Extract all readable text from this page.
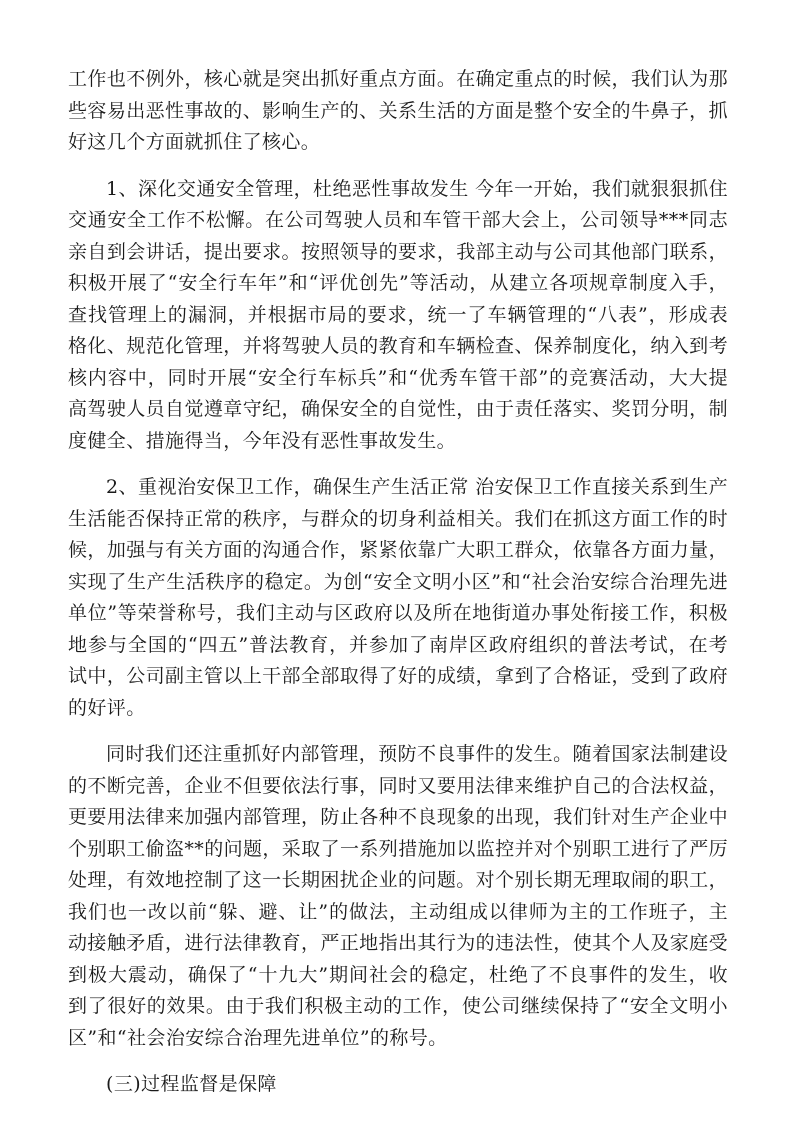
工作也不例外，核心就是突出抓好重点方面。在确定重点的时候，我们认为那些容易出恶性事故的、影响生产的、关系生活的方面是整个安全的牛鼻子，抓好这几个方面就抓住了核心。

1、深化交通安全管理，杜绝恶性事故发生 今年一开始，我们就狠狠抓住交通安全工作不松懈。在公司驾驶人员和车管干部大会上，公司领导***同志亲自到会讲话，提出要求。按照领导的要求，我部主动与公司其他部门联系，积极开展了“安全行车年”和“评优创先”等活动，从建立各项规章制度入手，查找管理上的漏洞，并根据市局的要求，统一了车辆管理的“八表”，形成表格化、规范化管理，并将驾驶人员的教育和车辆检查、保养制度化，纳入到考核内容中，同时开展“安全行车标兵”和“优秀车管干部”的竞赛活动，大大提高驾驶人员自觉遵章守纪，确保安全的自觉性，由于责任落实、奖罚分明，制度健全、措施得当，今年没有恶性事故发生。

2、重视治安保卫工作，确保生产生活正常 治安保卫工作直接关系到生产生活能否保持正常的秩序，与群众的切身利益相关。我们在抓这方面工作的时候，加强与有关方面的沟通合作，紧紧依靠广大职工群众，依靠各方面力量，实现了生产生活秩序的稳定。为创“安全文明小区”和“社会治安综合治理先进单位”等荣誉称号，我们主动与区政府以及所在地街道办事处衔接工作，积极地参与全国的“四五”普法教育，并参加了南岸区政府组织的普法考试，在考试中，公司副主管以上干部全部取得了好的成绩，拿到了合格证，受到了政府的好评。

同时我们还注重抓好内部管理，预防不良事件的发生。随着国家法制建设的不断完善，企业不但要依法行事，同时又要用法律来维护自己的合法权益，更要用法律来加强内部管理，防止各种不良现象的出现，我们针对生产企业中个别职工偷盗**的问题，采取了一系列措施加以监控并对个别职工进行了严厉处理，有效地控制了这一长期困扰企业的问题。对个别长期无理取闹的职工，我们也一改以前“躲、避、让”的做法，主动组成以律师为主的工作班子，主动接触矛盾，进行法律教育，严正地指出其行为的违法性，使其个人及家庭受到极大震动，确保了“十九大”期间社会的稳定，杜绝了不良事件的发生，收到了很好的效果。由于我们积极主动的工作，使公司继续保持了“安全文明小区”和“社会治安综合治理先进单位”的称号。

(三)过程监督是保障
